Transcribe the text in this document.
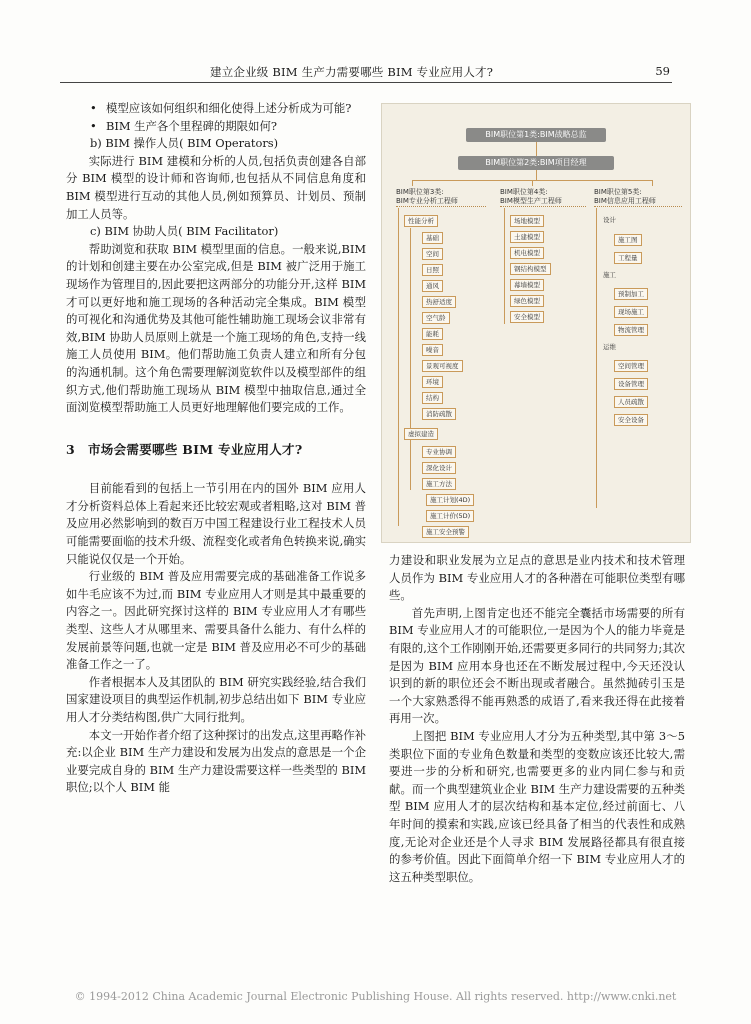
建立企业级 BIM 生产力需要哪些 BIM 专业应用人才?	59
• 模型应该如何组织和细化使得上述分析成为可能?
• BIM 生产各个里程碑的期限如何?

b) BIM 操作人员( BIM Operators)

实际进行 BIM 建模和分析的人员,包括负责创建各自部分 BIM 模型的设计师和咨询师,也包括从不同信息角度和 BIM 模型进行互动的其他人员,例如预算员、计划员、预制加工人员等。

c) BIM 协助人员( BIM Facilitator)

帮助浏览和获取 BIM 模型里面的信息。一般来说,BIM 的计划和创建主要在办公室完成,但是 BIM 被广泛用于施工现场作为管理目的,因此要把这两部分的功能分开,这样 BIM 才可以更好地和施工现场的各种活动完全集成。BIM 模型的可视化和沟通优势及其他可能性辅助施工现场会议非常有效,BIM 协助人员原则上就是一个施工现场的角色,支持一线施工人员使用 BIM。他们帮助施工负责人建立和所有分包的沟通机制。这个角色需要理解浏览软件以及模型部件的组织方式,他们帮助施工现场从 BIM 模型中抽取信息,通过全面浏览模型帮助施工人员更好地理解他们要完成的工作。

3 市场会需要哪些 BIM 专业应用人才?

目前能看到的包括上一节引用在内的国外 BIM 应用人才分析资料总体上看起来还比较宏观或者粗略,这对 BIM 普及应用必然影响到的数百万中国工程建设行业工程技术人员可能需要面临的技术升级、流程变化或者角色转换来说,确实只能说仅仅是一个开始。

行业级的 BIM 普及应用需要完成的基础准备工作说多如牛毛应该不为过,而 BIM 专业应用人才则是其中最重要的内容之一。因此研究探讨这样的 BIM 专业应用人才有哪些类型、这些人才从哪里来、需要具备什么能力、有什么样的发展前景等问题,也就一定是 BIM 普及应用必不可少的基础准备工作之一了。

作者根据本人及其团队的 BIM 研究实践经验,结合我们国家建设项目的典型运作机制,初步总结出如下 BIM 专业应用人才分类结构图,供广大同行批判。

本文一开始作者介绍了这种探讨的出发点,这里再略作补充:以企业 BIM 生产力建设和发展为出发点的意思是一个企业要完成自身的 BIM 生产力建设需要这样一些类型的 BIM 职位;以个人 BIM 能

BIM职位第1类:BIM战略总监
BIM职位第2类:BIM项目经理
BIM职位第3类:
BIM专业分析工程师
性能分析
基础
空间
日照
通风
热舒适度
空气龄
能耗
噪音
景观可视度
环境
结构
消防疏散
虚拟建造
专业协调
深化设计
施工方法
施工计划(4D)
施工计价(5D)
施工安全预警
BIM职位第4类:
BIM模型生产工程师
场地模型
土建模型
机电模型
钢结构模型
幕墙模型
绿色模型
安全模型
BIM职位第5类:
BIM信息应用工程师
设计
施工图
工程量
施工
预制加工
现场施工
物流管理
运维
空间管理
设备管理
人员疏散
安全设备

力建设和职业发展为立足点的意思是业内技术和技术管理人员作为 BIM 专业应用人才的各种潜在可能职位类型有哪些。

首先声明,上图肯定也还不能完全囊括市场需要的所有 BIM 专业应用人才的可能职位,一是因为个人的能力毕竟是有限的,这个工作刚刚开始,还需要更多同行的共同努力;其次是因为 BIM 应用本身也还在不断发展过程中,今天还没认识到的新的职位还会不断出现或者融合。虽然抛砖引玉是一个大家熟悉得不能再熟悉的成语了,看来我还得在此接着再用一次。

上图把 BIM 专业应用人才分为五种类型,其中第 3～5 类职位下面的专业角色数量和类型的变数应该还比较大,需要进一步的分析和研究,也需要更多的业内同仁参与和贡献。而一个典型建筑业企业 BIM 生产力建设需要的五种类型 BIM 应用人才的层次结构和基本定位,经过前面七、八年时间的摸索和实践,应该已经具备了相当的代表性和成熟度,无论对企业还是个人寻求 BIM 发展路径都具有很直接的参考价值。因此下面简单介绍一下 BIM 专业应用人才的这五种类型职位。

© 1994-2012 China Academic Journal Electronic Publishing House. All rights reserved. http://www.cnki.net
